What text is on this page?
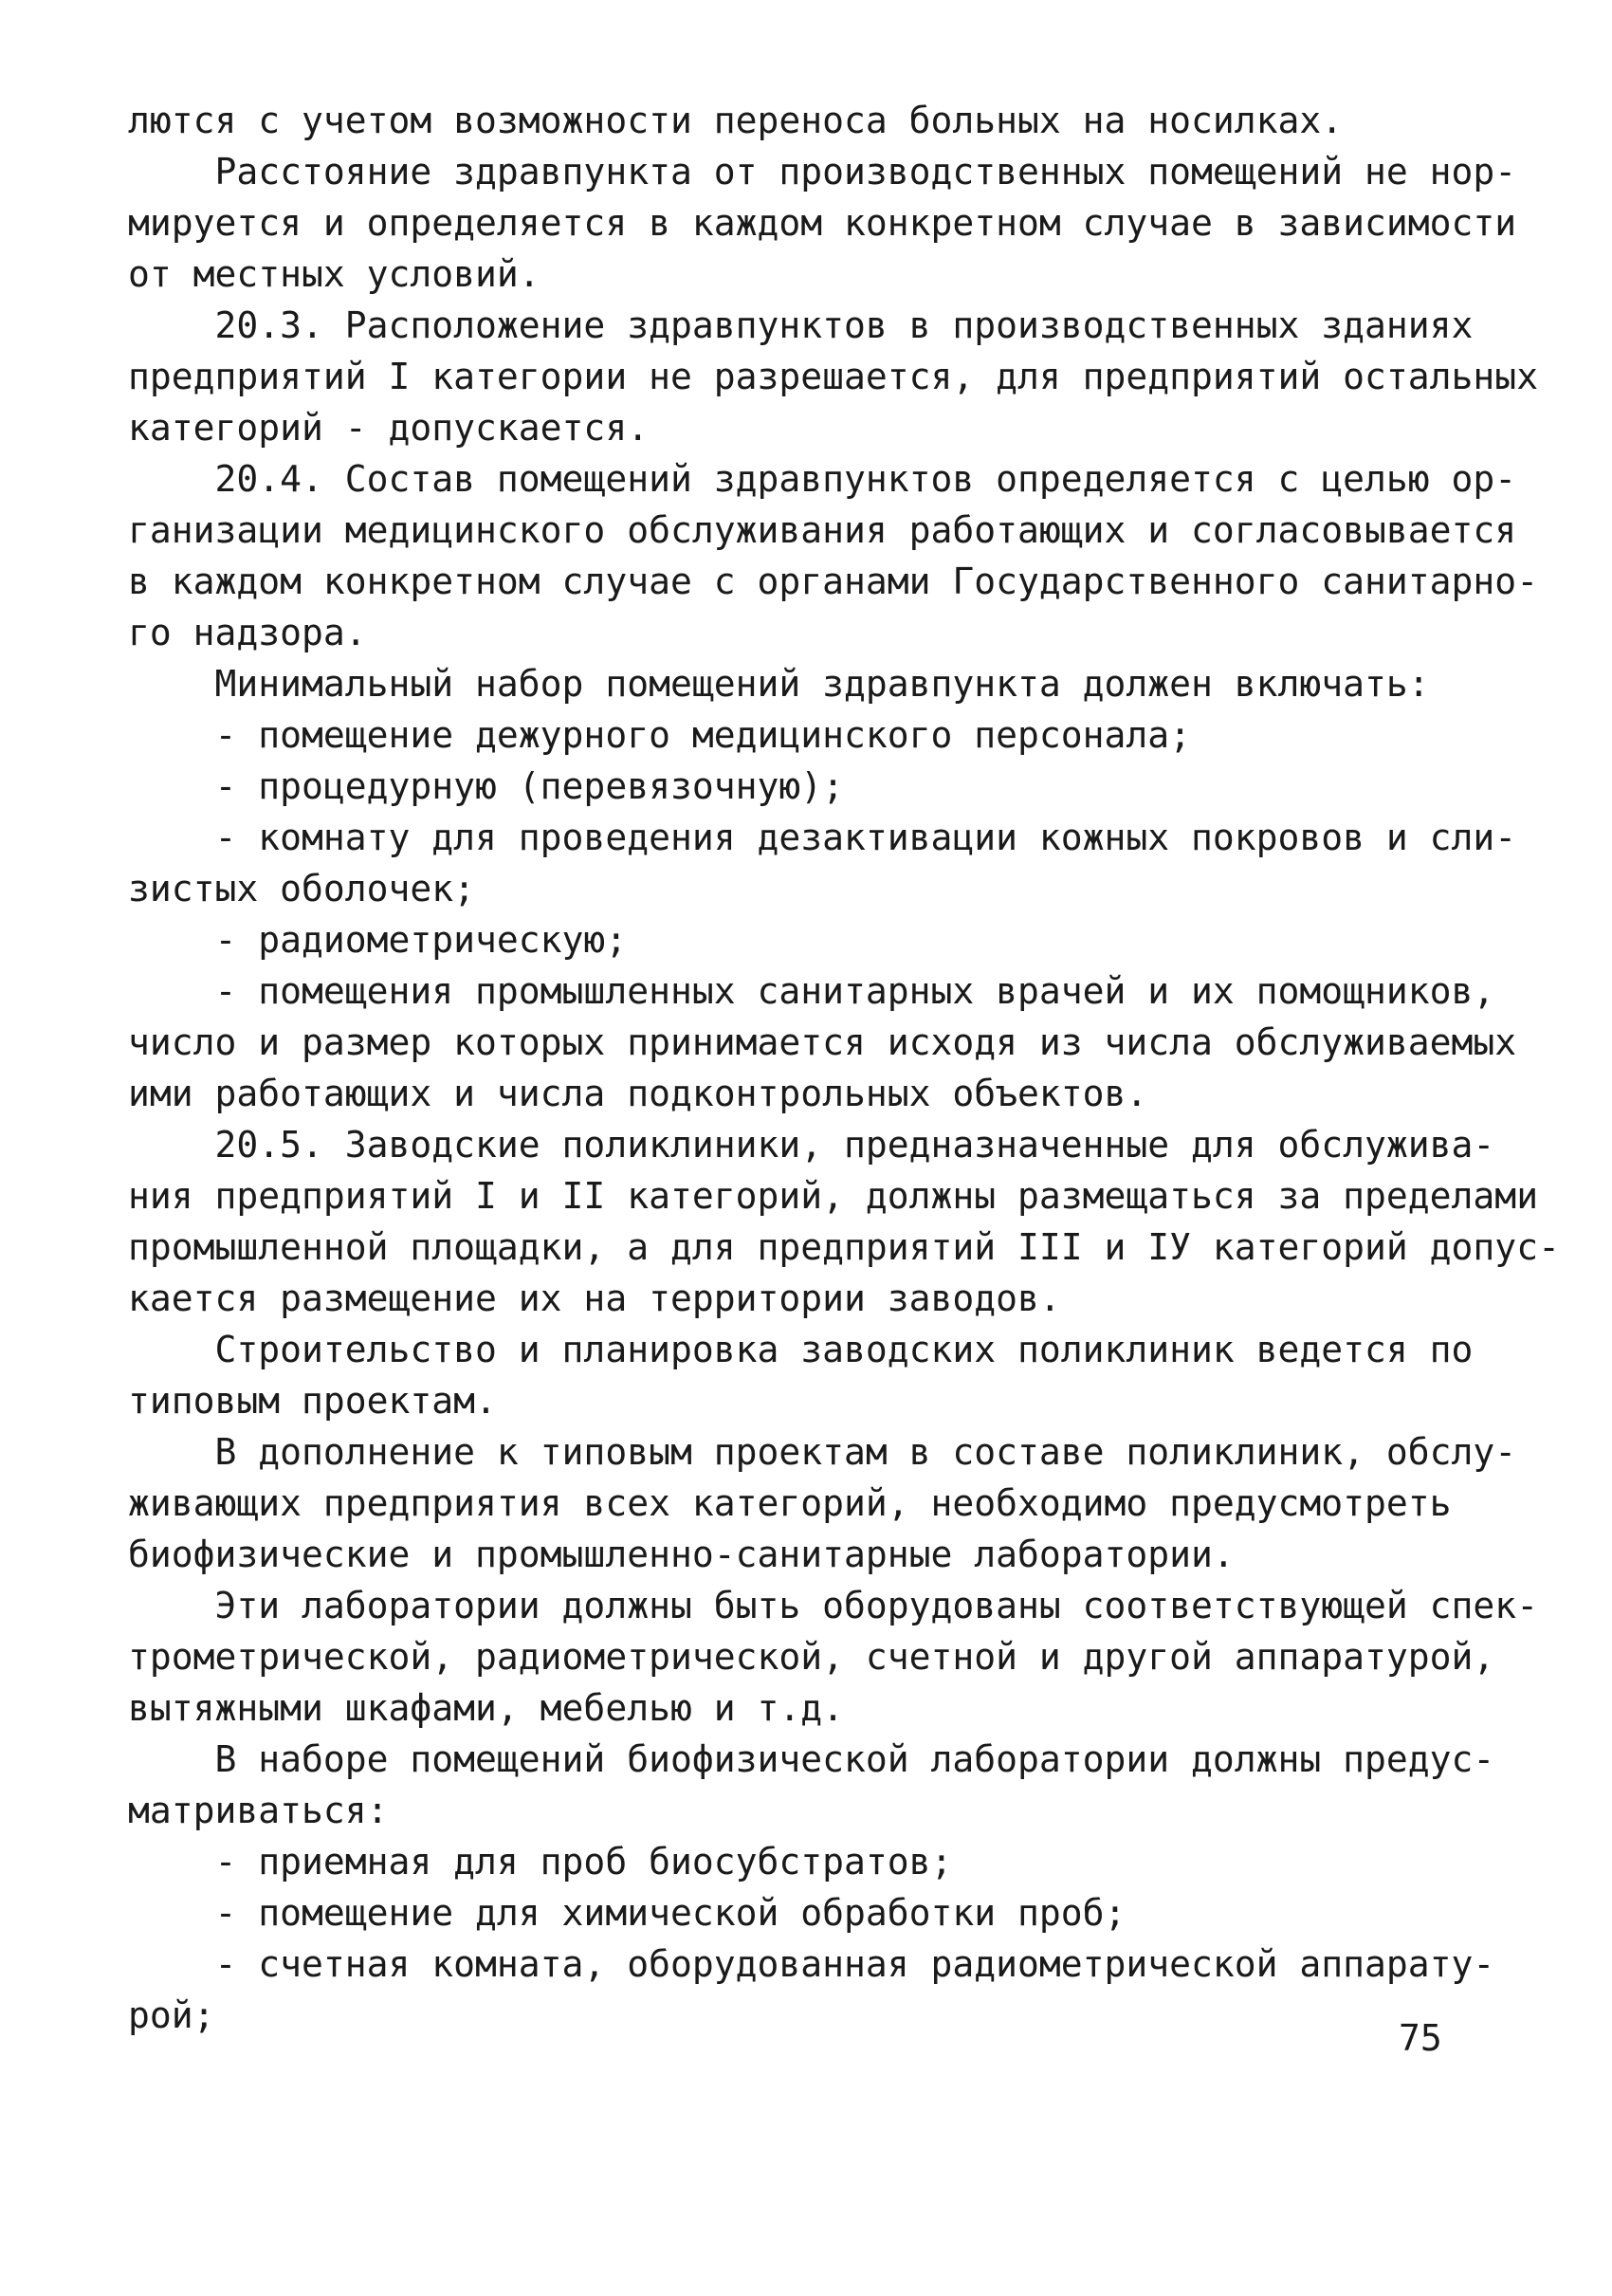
лются с учетом возможности переноса больных на носилках.
Расстояние здравпункта от производственных помещений не нор-
мируется и определяется в каждом конкретном случае в зависимости
от местных условий.
20.3. Расположение здравпунктов в производственных зданиях
предприятий I категории не разрешается, для предприятий остальных
категорий - допускается.
20.4. Состав помещений здравпунктов определяется с целью ор-
ганизации медицинского обслуживания работающих и согласовывается
в каждом конкретном случае с органами Государственного санитарно-
го надзора.
Минимальный набор помещений здравпункта должен включать:
- помещение дежурного медицинского персонала;
- процедурную (перевязочную);
- комнату для проведения дезактивации кожных покровов и сли-
зистых оболочек;
- радиометрическую;
- помещения промышленных санитарных врачей и их помощников,
число и размер которых принимается исходя из числа обслуживаемых
ими работающих и числа подконтрольных объектов.
20.5. Заводские поликлиники, предназначенные для обслужива-
ния предприятий I и II категорий, должны размещаться за пределами
промышленной площадки, а для предприятий III и IУ категорий допус-
кается размещение их на территории заводов.
Строительство и планировка заводских поликлиник ведется по
типовым проектам.
В дополнение к типовым проектам в составе поликлиник, обслу-
живающих предприятия всех категорий, необходимо предусмотреть
биофизические и промышленно-санитарные лаборатории.
Эти лаборатории должны быть оборудованы соответствующей спек-
трометрической, радиометрической, счетной и другой аппаратурой,
вытяжными шкафами, мебелью и т.д.
В наборе помещений биофизической лаборатории должны предус-
матриваться:
- приемная для проб биосубстратов;
- помещение для химической обработки проб;
- счетная комната, оборудованная радиометрической аппарату-
рой;
75
